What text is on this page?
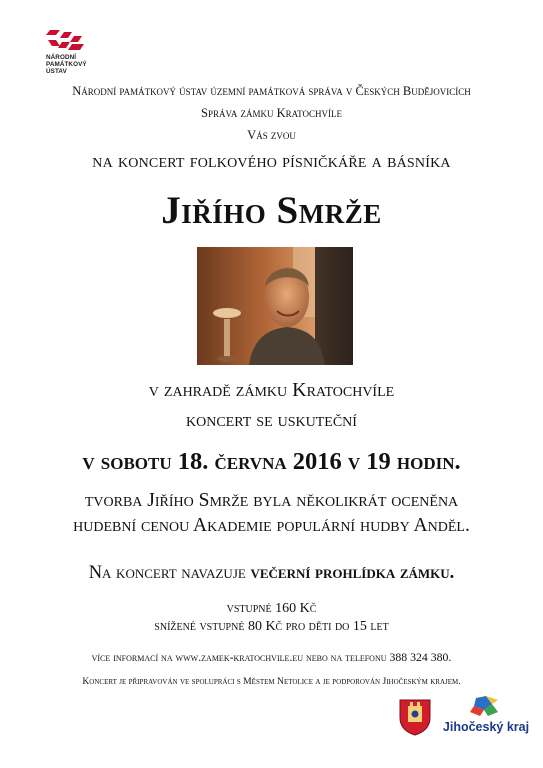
NÁRODNÍ
PAMÁTKOVÝ
ÚSTAV
Národní památkový ústav územní památková správa v Českých Budějovicích
Správa zámku Kratochvíle
Vás zvou
na koncert folkového písničkáře a básníka
Jiřího Smrže
v zahradě zámku Kratochvíle
koncert se uskuteční
v sobotu 18. června 2016 v 19 hodin.
tvorba Jiřího Smrže byla několikrát oceněna
hudební cenou Akademie populární hudby Anděl.
Na koncert navazuje večerní prohlídka zámku.
vstupné 160 Kč
snížené vstupné 80 Kč pro děti do 15 let
více informací na www.zamek-kratochvile.eu nebo na telefonu 388 324 380.
Koncert je připravován ve spolupráci s Městem Netolice a je podporován Jihočeským krajem.
Jihočeský kraj
